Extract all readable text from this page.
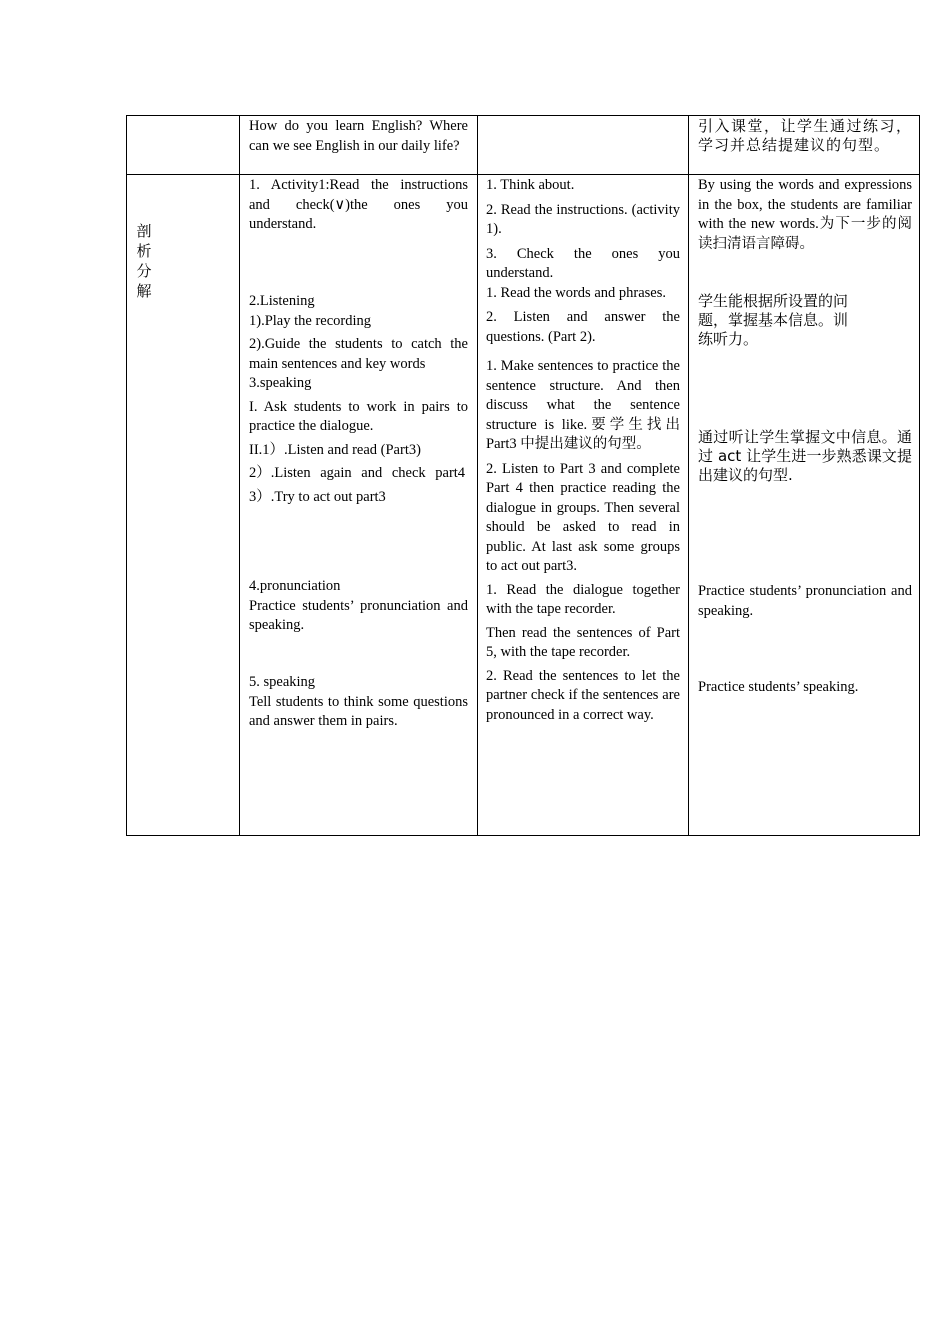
How do you learn English? Where can we see English in our daily life?
引入课堂，让学生通过练习，学习并总结提建议的句型。
剖
析
分
解
1. Activity1:Read the instructions and check(∨)the ones you understand.

2.Listening

1).Play the recording

2).Guide the students to catch the main sentences and key words

3.speaking

I. Ask students to work in pairs to practice the dialogue.

II.1）.Listen and read (Part3)

2）.Listen again and check part4

3）.Try to act out part3

4.pronunciation

Practice students’ pronunciation and speaking.

5. speaking

Tell students to think some questions and answer them in pairs.

1. Think about.

2. Read the instructions. (activity 1).

3. Check the ones you understand.

1. Read the words and phrases.

2. Listen and answer the questions. (Part 2).

1. Make sentences to practice the sentence structure. And then discuss what the sentence structure is like.要学生找出 Part3 中提出建议的句型。

2. Listen to Part 3 and complete Part 4 then practice reading the dialogue in groups. Then several should be asked to read in public. At last ask some groups to act out part3.

1. Read the dialogue together with the tape recorder.

Then read the sentences of Part 5, with the tape recorder.

2. Read the sentences to let the partner check if the sentences are pronounced in a correct way.

By using the words and expressions in the box, the students are familiar with the new words.为下一步的阅读扫清语言障碍。
学生能根据所设置的问题，掌握基本信息。训练听力。
通过听让学生掌握文中信息。通过 act 让学生进一步熟悉课文提出建议的句型.
Practice students’ pronunciation and speaking.
Practice students’ speaking.
